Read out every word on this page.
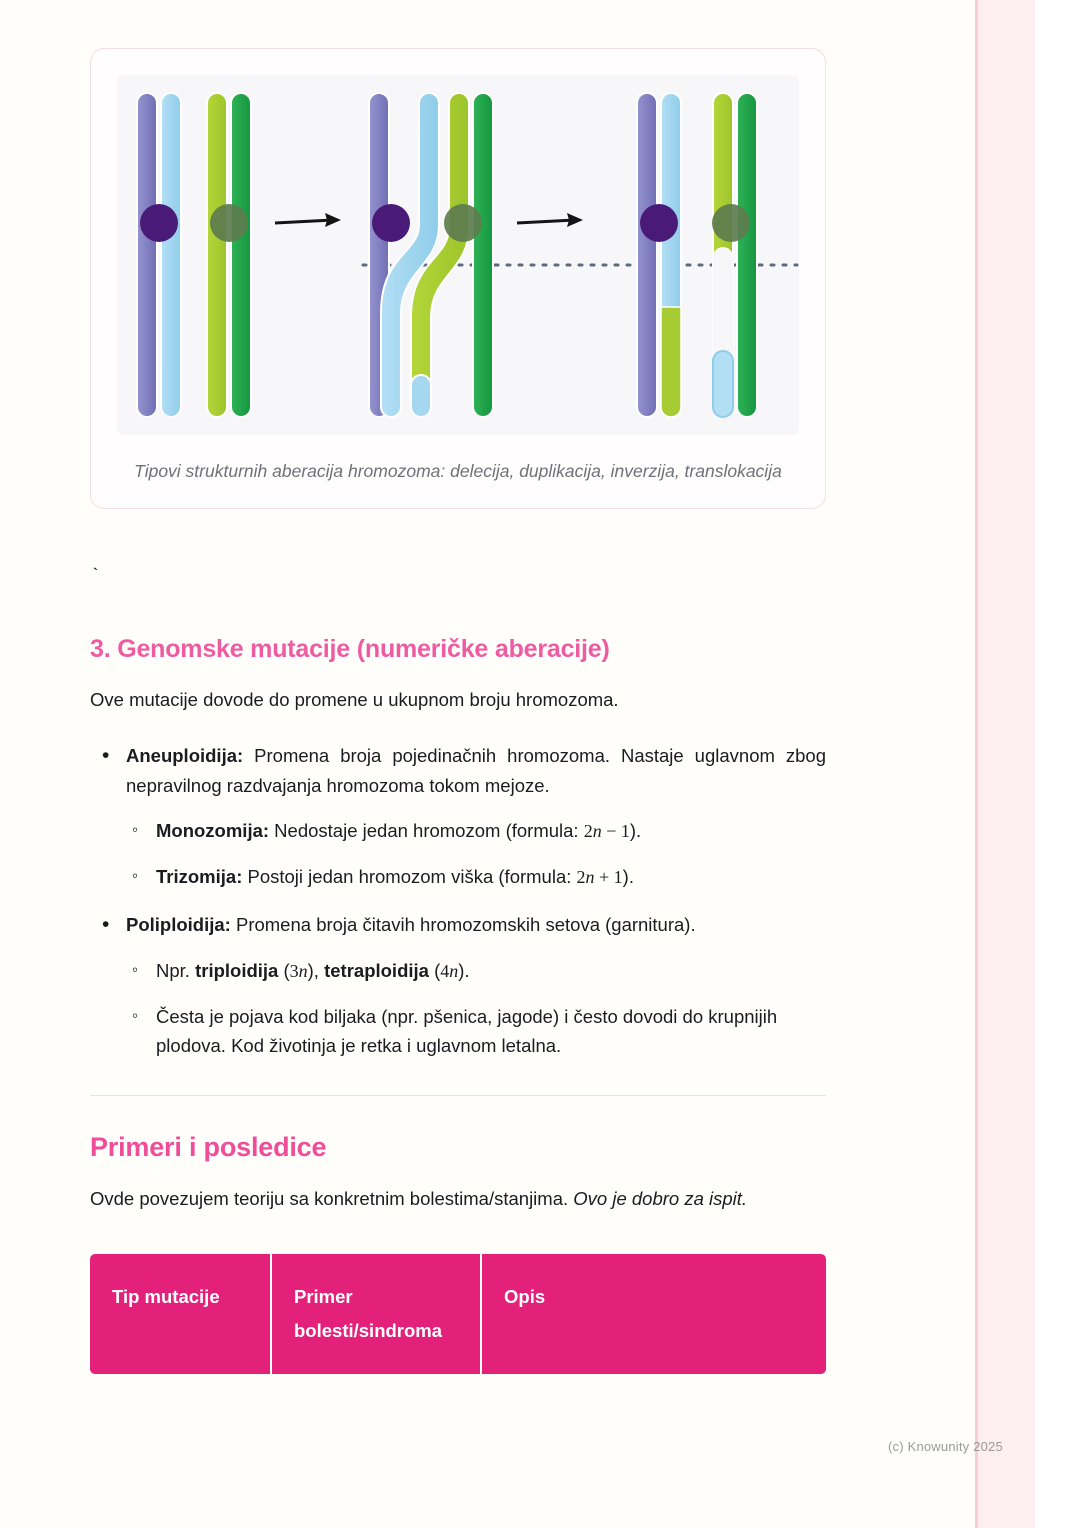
Tipovi strukturnih aberacija hromozoma: delecija, duplikacija, inverzija, translokacija
`
3. Genomske mutacije (numeričke aberacije)

Ove mutacije dovode do promene u ukupnom broju hromozoma.

• Aneuploidija: Promena broja pojedinačnih hromozoma. Nastaje uglavnom zbog nepravilnog razdvajanja hromozoma tokom mejoze.
◦ Monozomija: Nedostaje jedan hromozom (formula: 2n − 1).
◦ Trizomija: Postoji jedan hromozom viška (formula: 2n + 1).
• Poliploidija: Promena broja čitavih hromozomskih setova (garnitura).
◦ Npr. triploidija (3n), tetraploidija (4n).
◦ Česta je pojava kod biljaka (npr. pšenica, jagode) i često dovodi do krupnijih plodova. Kod životinja je retka i uglavnom letalna.
Primeri i posledice

Ovde povezujem teoriju sa konkretnim bolestima/stanjima. Ovo je dobro za ispit.

Tip mutacije	Primer bolesti/sindroma
Opis
(c) Knowunity 2025
